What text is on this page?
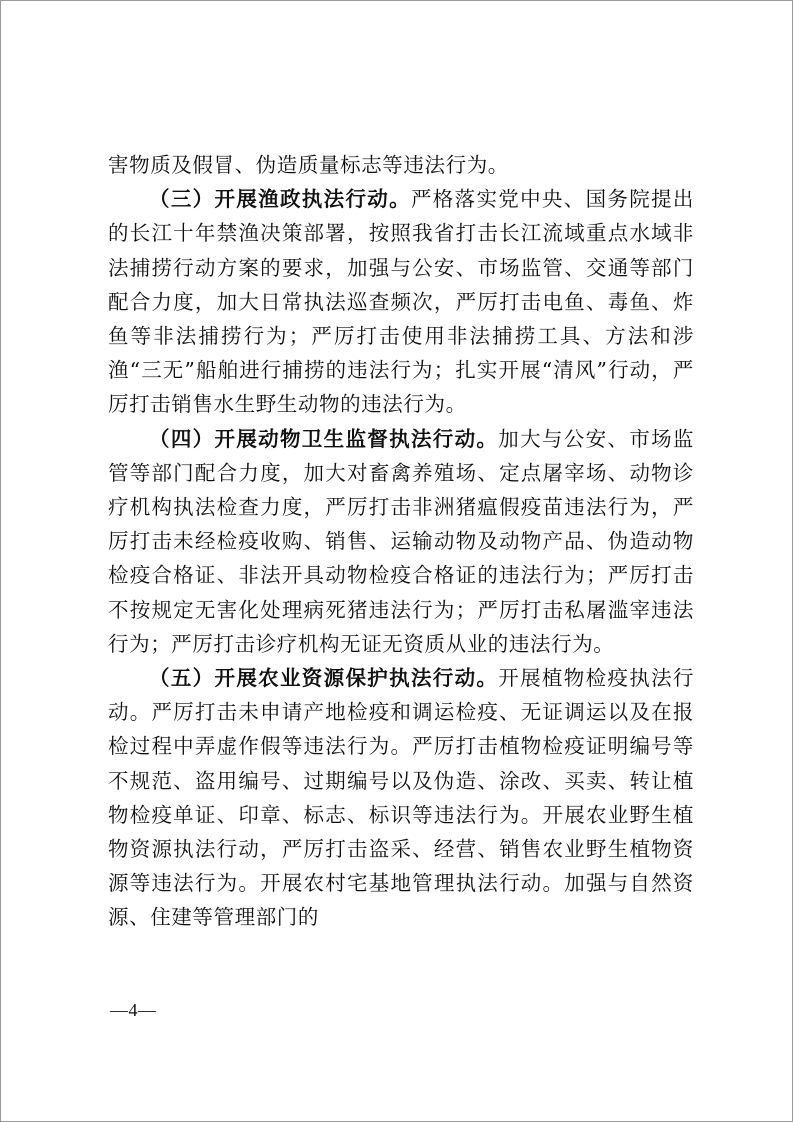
害物质及假冒、伪造质量标志等违法行为。

（三）开展渔政执法行动。严格落实党中央、国务院提出的长江十年禁渔决策部署，按照我省打击长江流域重点水域非法捕捞行动方案的要求，加强与公安、市场监管、交通等部门配合力度，加大日常执法巡查频次，严厉打击电鱼、毒鱼、炸鱼等非法捕捞行为；严厉打击使用非法捕捞工具、方法和涉渔“三无”船舶进行捕捞的违法行为；扎实开展“清风”行动，严厉打击销售水生野生动物的违法行为。

（四）开展动物卫生监督执法行动。加大与公安、市场监管等部门配合力度，加大对畜禽养殖场、定点屠宰场、动物诊疗机构执法检查力度，严厉打击非洲猪瘟假疫苗违法行为，严厉打击未经检疫收购、销售、运输动物及动物产品、伪造动物检疫合格证、非法开具动物检疫合格证的违法行为；严厉打击不按规定无害化处理病死猪违法行为；严厉打击私屠滥宰违法行为；严厉打击诊疗机构无证无资质从业的违法行为。

（五）开展农业资源保护执法行动。开展植物检疫执法行动。严厉打击未申请产地检疫和调运检疫、无证调运以及在报检过程中弄虚作假等违法行为。严厉打击植物检疫证明编号等不规范、盗用编号、过期编号以及伪造、涂改、买卖、转让植物检疫单证、印章、标志、标识等违法行为。开展农业野生植物资源执法行动，严厉打击盗采、经营、销售农业野生植物资源等违法行为。开展农村宅基地管理执法行动。加强与自然资源、住建等管理部门的

—4—
